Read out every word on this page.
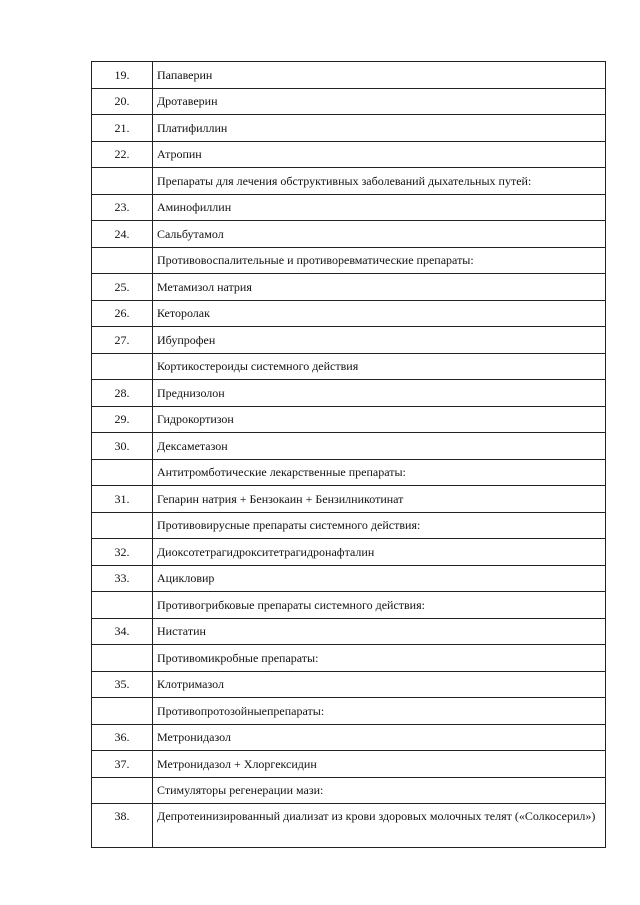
19.	Папаверин
20.	Дротаверин
21.	Платифиллин
22.	Атропин
	Препараты для лечения обструктивных заболеваний дыхательных путей:
23.	Аминофиллин
24.	Сальбутамол
	Противовоспалительные и противоревматические препараты:
25.	Метамизол натрия
26.	Кеторолак
27.	Ибупрофен
	Кортикостероиды системного действия
28.	Преднизолон
29.	Гидрокортизон
30.	Дексаметазон
	Антитромботические лекарственные препараты:
31.	Гепарин натрия + Бензокаин + Бензилникотинат
	Противовирусные препараты системного действия:
32.	Диоксотетрагидрокситетрагидронафталин
33.	Ацикловир
	Противогрибковые препараты системного действия:
34.	Нистатин
	Противомикробные препараты:
35.	Клотримазол
	Противопротозойныепрепараты:
36.	Метронидазол
37.	Метронидазол + Хлоргексидин
	Стимуляторы регенерации мази:
38.	Депротеинизированный диализат из крови здоровых молочных телят («Солкосерил»)
